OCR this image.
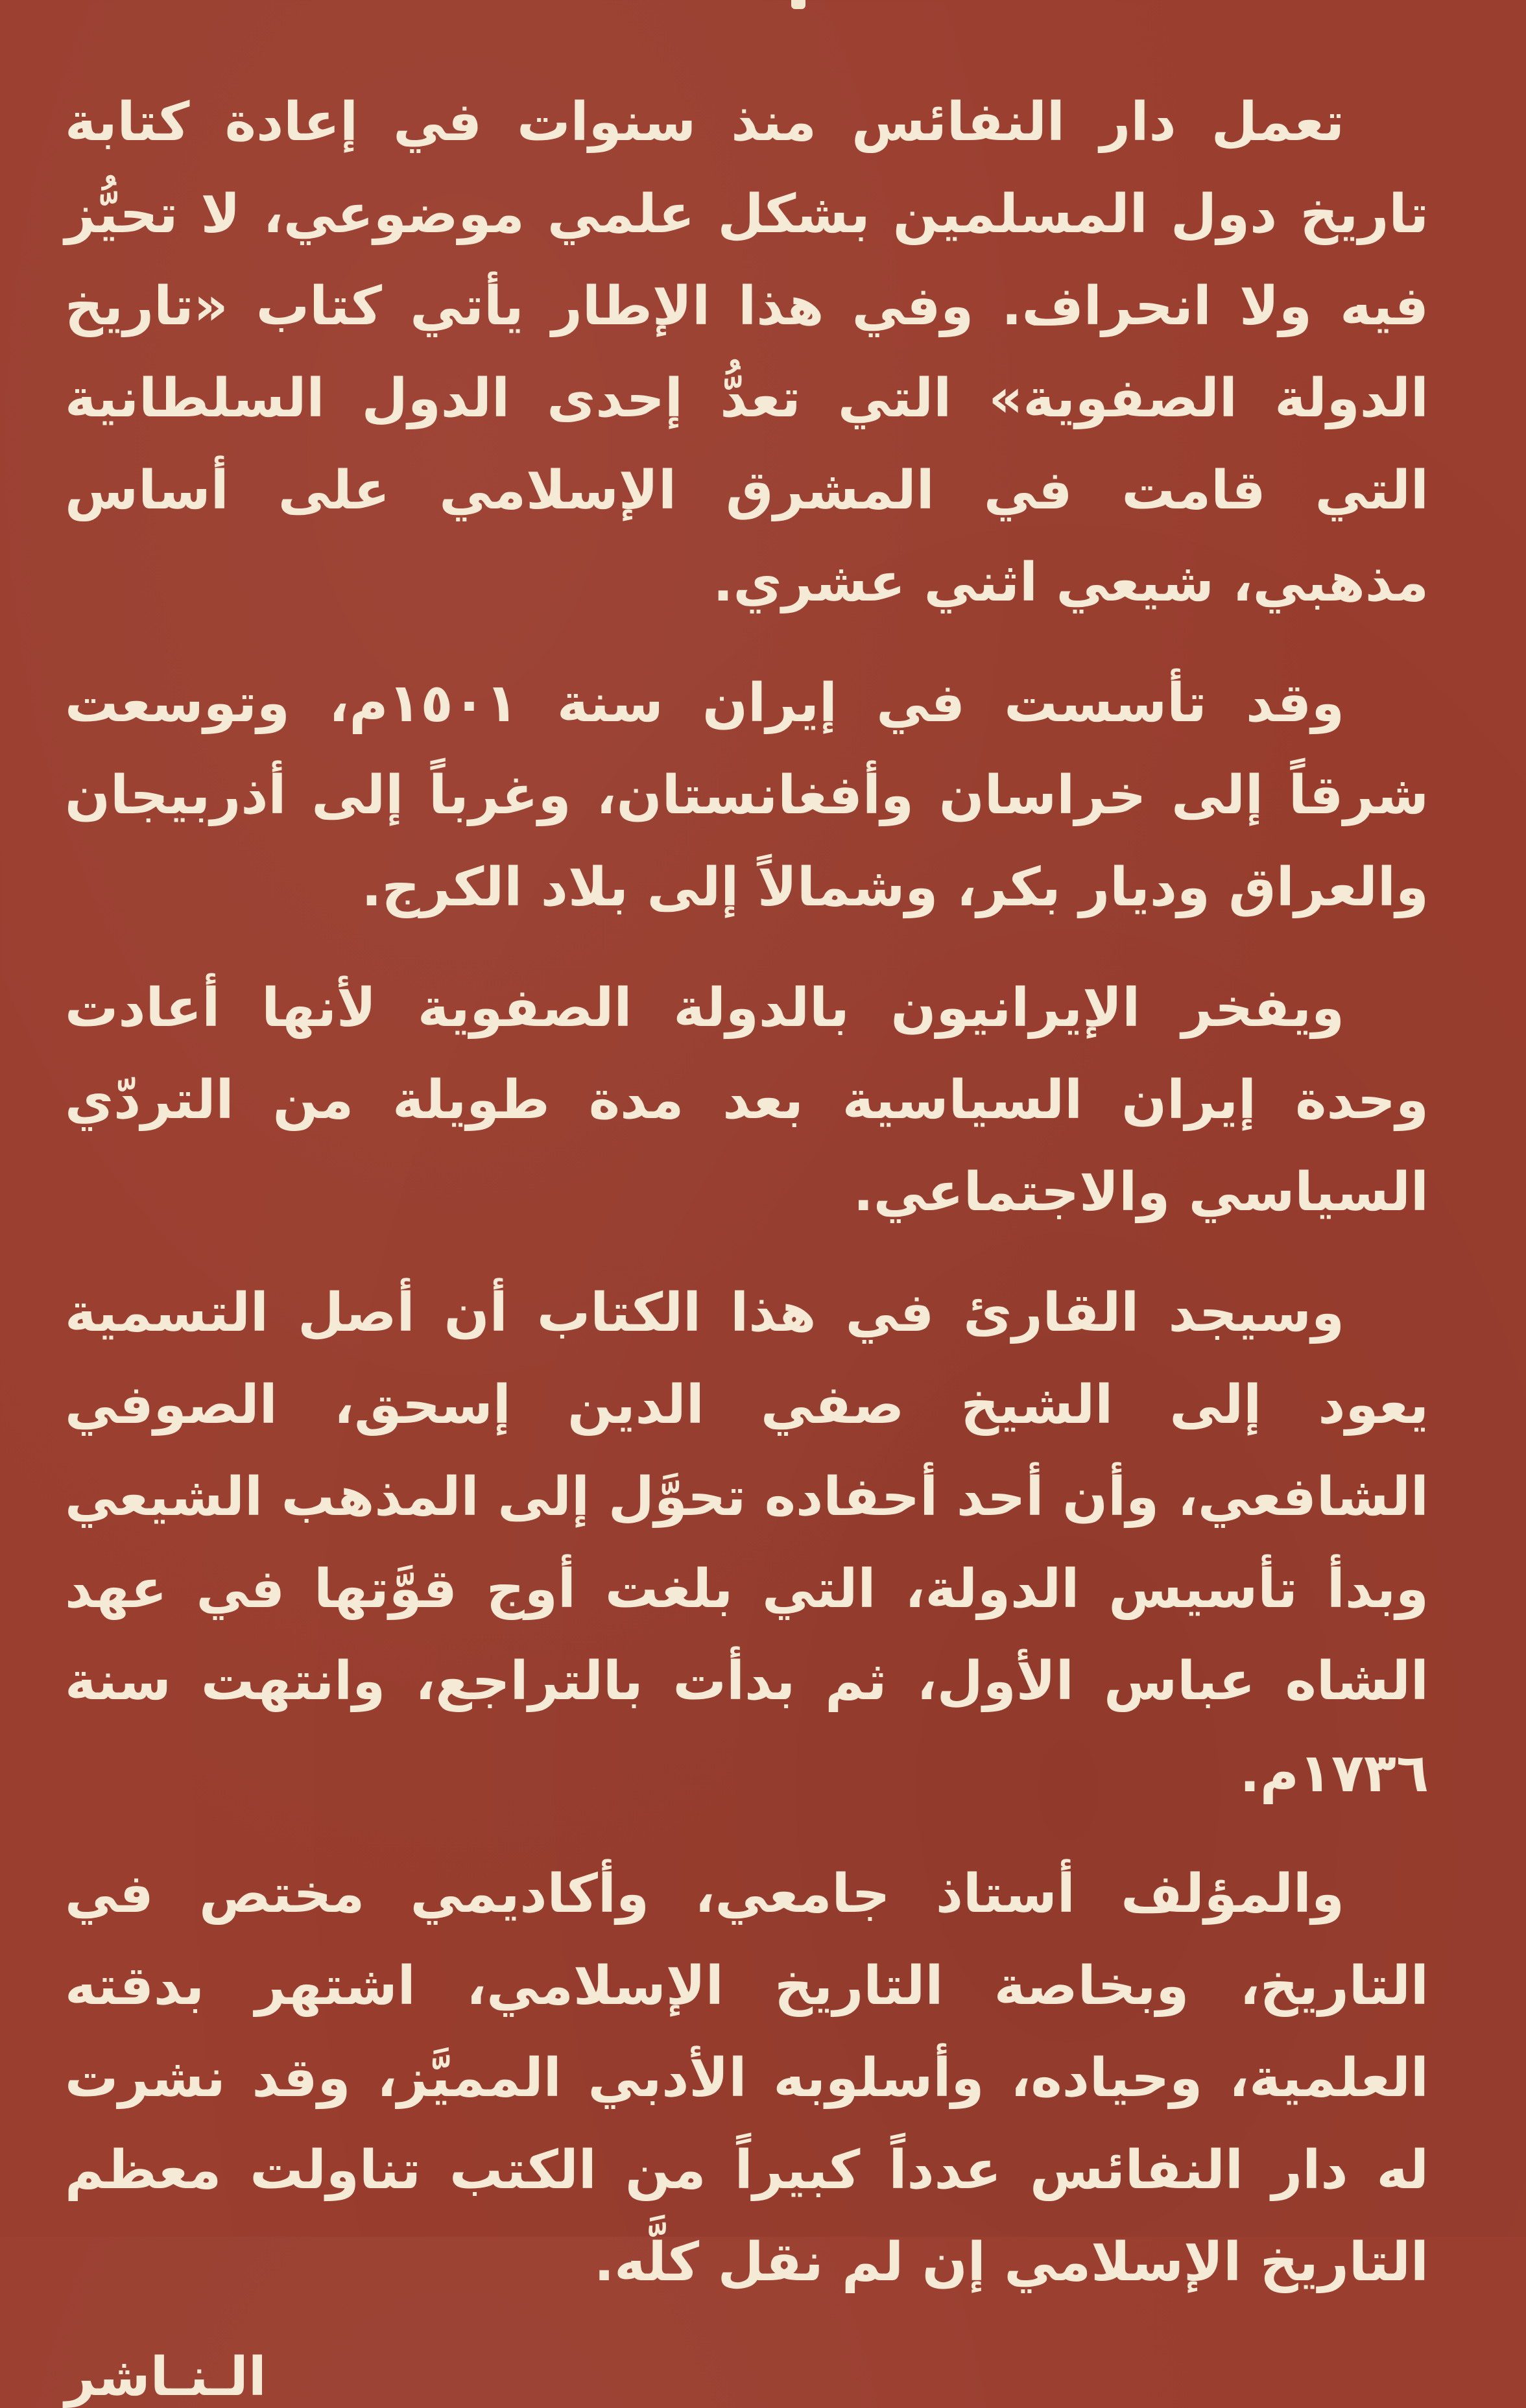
تعمل دار النفائس منذ سنوات في إعادة كتابة تاريخ دول المسلمين بشكل علمي موضوعي، لا تحيُّز فيه ولا انحراف. وفي هذا الإطار يأتي كتاب «تاريخ الدولة الصفوية» التي تعدُّ إحدى الدول السلطانية التي قامت في المشرق الإسلامي على أساس مذهبي، شيعي اثني عشري.

وقد تأسست في إيران سنة ١٥٠١م، وتوسعت شرقاً إلى خراسان وأفغانستان، وغرباً إلى أذربيجان والعراق وديار بكر، وشمالاً إلى بلاد الكرج.

ويفخر الإيرانيون بالدولة الصفوية لأنها أعادت وحدة إيران السياسية بعد مدة طويلة من التردّي السياسي والاجتماعي.

وسيجد القارئ في هذا الكتاب أن أصل التسمية يعود إلى الشيخ صفي الدين إسحق، الصوفي الشافعي، وأن أحد أحفاده تحوَّل إلى المذهب الشيعي وبدأ تأسيس الدولة، التي بلغت أوج قوَّتها في عهد الشاه عباس الأول، ثم بدأت بالتراجع، وانتهت سنة ١٧٣٦م.

والمؤلف أستاذ جامعي، وأكاديمي مختص في التاريخ، وبخاصة التاريخ الإسلامي، اشتهر بدقته العلمية، وحياده، وأسلوبه الأدبي المميَّز، وقد نشرت له دار النفائس عدداً كبيراً من الكتب تناولت معظم التاريخ الإسلامي إن لم نقل كلَّه.

الـنـاشر
